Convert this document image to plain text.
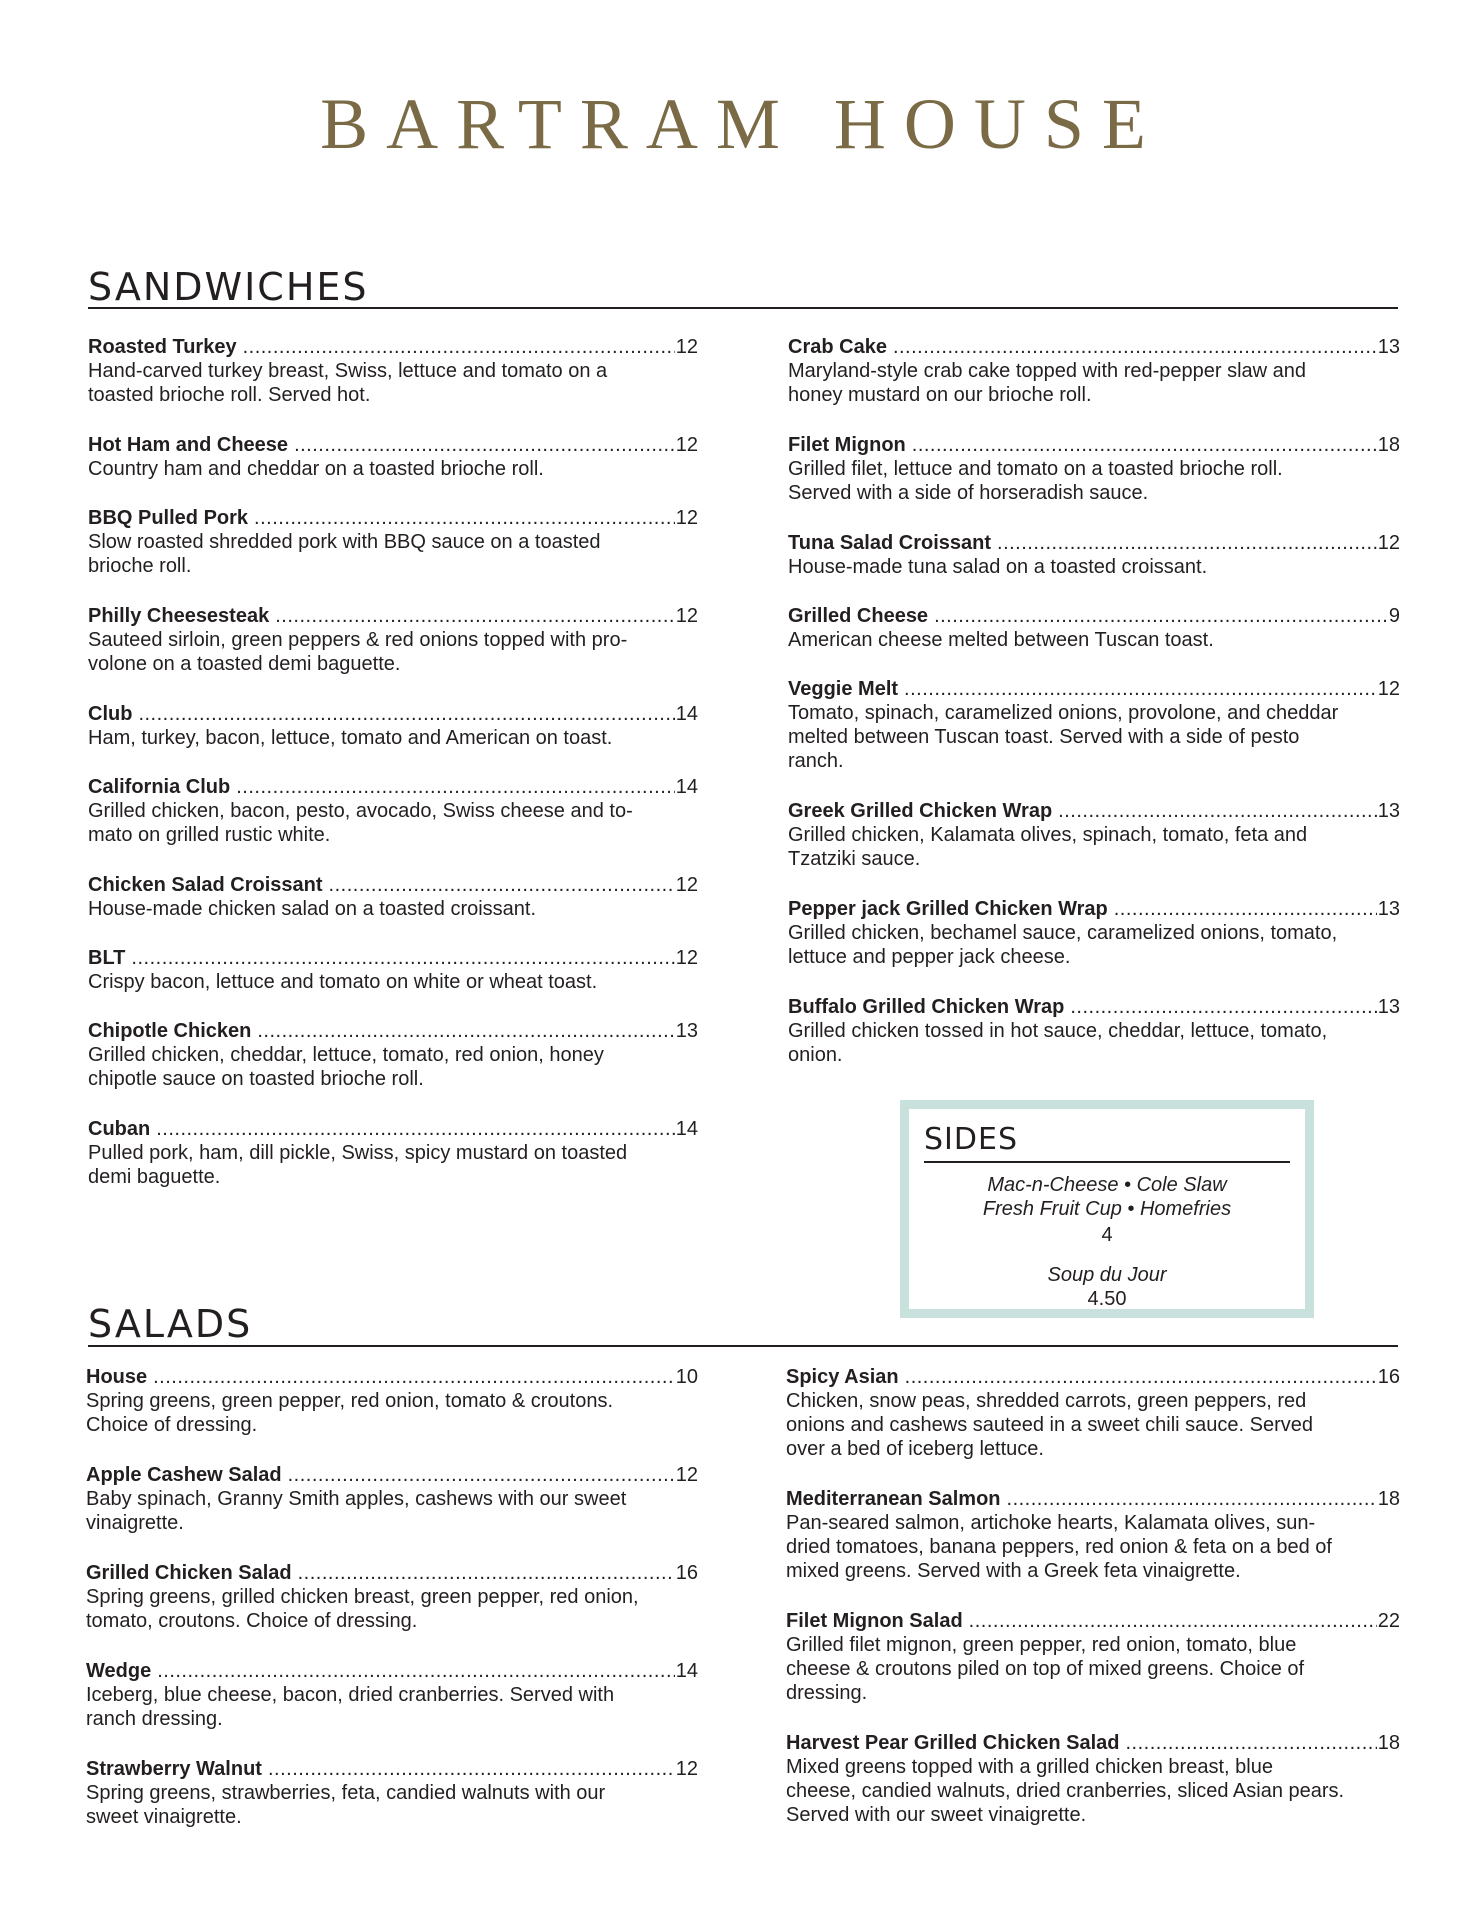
BARTRAM HOUSE
SANDWICHES
Roasted Turkey .....	12
Hand-carved turkey breast, Swiss, lettuce and tomato on a
toasted brioche roll. Served hot.
Hot Ham and Cheese .....	12
Country ham and cheddar on a toasted brioche roll.
BBQ Pulled Pork .....	12
Slow roasted shredded pork with BBQ sauce on a toasted
brioche roll.
Philly Cheesesteak .....	12
Sauteed sirloin, green peppers & red onions topped with pro-
volone on a toasted demi baguette.
Club .....	14
Ham, turkey, bacon, lettuce, tomato and American on toast.
California Club .....	14
Grilled chicken, bacon, pesto, avocado, Swiss cheese and to-
mato on grilled rustic white.
Chicken Salad Croissant .....	12
House-made chicken salad on a toasted croissant.
BLT .....	12
Crispy bacon, lettuce and tomato on white or wheat toast.
Chipotle Chicken .....	13
Grilled chicken, cheddar, lettuce, tomato, red onion, honey
chipotle sauce on toasted brioche roll.
Cuban .....	14
Pulled pork, ham, dill pickle, Swiss, spicy mustard on toasted
demi baguette.
Crab Cake .....	13
Maryland-style crab cake topped with red-pepper slaw and
honey mustard on our brioche roll.
Filet Mignon .....	18
Grilled filet, lettuce and tomato on a toasted brioche roll.
Served with a side of horseradish sauce.
Tuna Salad Croissant .....	12
House-made tuna salad on a toasted croissant.
Grilled Cheese .....	9
American cheese melted between Tuscan toast.
Veggie Melt .....	12
Tomato, spinach, caramelized onions, provolone, and cheddar
melted between Tuscan toast. Served with a side of pesto
ranch.
Greek Grilled Chicken Wrap .....	13
Grilled chicken, Kalamata olives, spinach, tomato, feta and
Tzatziki sauce.
Pepper jack Grilled Chicken Wrap .....	13
Grilled chicken, bechamel sauce, caramelized onions, tomato,
lettuce and pepper jack cheese.
Buffalo Grilled Chicken Wrap .....	13
Grilled chicken tossed in hot sauce, cheddar, lettuce, tomato,
onion.
SIDES
Mac-n-Cheese • Cole Slaw
Fresh Fruit Cup • Homefries
4
Soup du Jour
4.50
SALADS
House .....	10
Spring greens, green pepper, red onion, tomato & croutons.
Choice of dressing.
Apple Cashew Salad .....	12
Baby spinach, Granny Smith apples, cashews with our sweet
vinaigrette.
Grilled Chicken Salad .....	16
Spring greens, grilled chicken breast, green pepper, red onion,
tomato, croutons. Choice of dressing.
Wedge .....	14
Iceberg, blue cheese, bacon, dried cranberries. Served with
ranch dressing.
Strawberry Walnut .....	12
Spring greens, strawberries, feta, candied walnuts with our
sweet vinaigrette.
Spicy Asian .....	16
Chicken, snow peas, shredded carrots, green peppers, red
onions and cashews sauteed in a sweet chili sauce. Served
over a bed of iceberg lettuce.
Mediterranean Salmon .....	18
Pan-seared salmon, artichoke hearts, Kalamata olives, sun-
dried tomatoes, banana peppers, red onion & feta on a bed of
mixed greens. Served with a Greek feta vinaigrette.
Filet Mignon Salad .....	22
Grilled filet mignon, green pepper, red onion, tomato, blue
cheese & croutons piled on top of mixed greens. Choice of
dressing.
Harvest Pear Grilled Chicken Salad .....	18
Mixed greens topped with a grilled chicken breast, blue
cheese, candied walnuts, dried cranberries, sliced Asian pears.
Served with our sweet vinaigrette.
